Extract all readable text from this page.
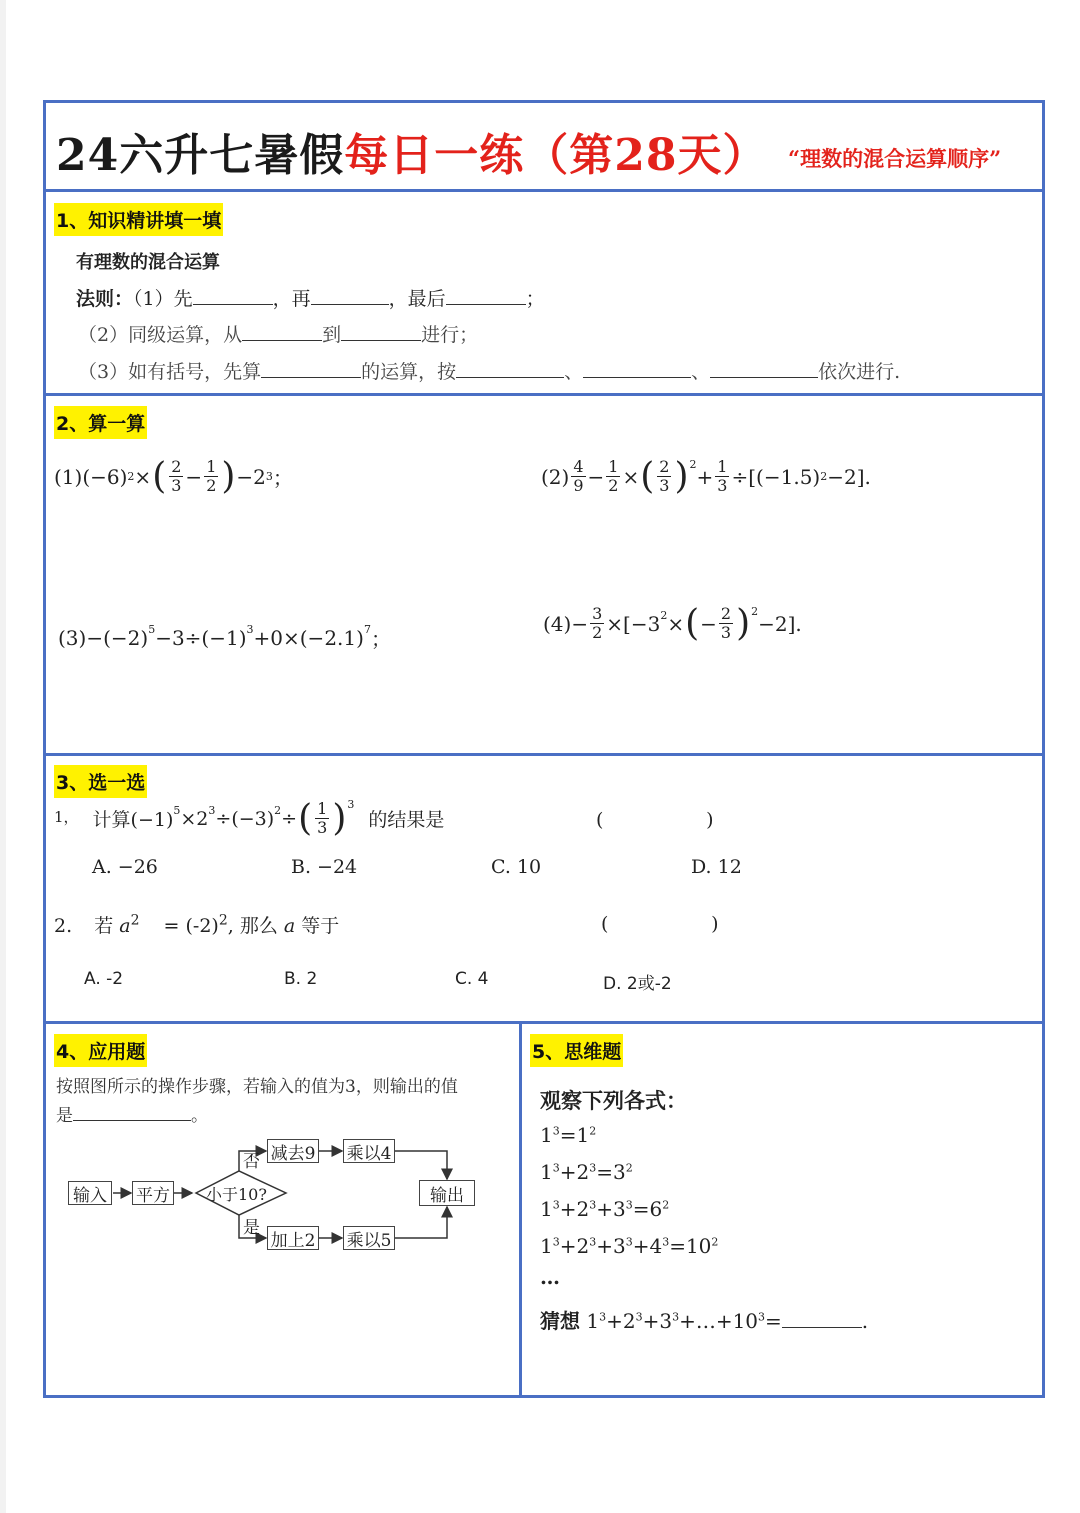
24六升七暑假每日一练（第28天） “理数的混合运算顺序”
1、知识精讲填一填
有理数的混合运算
法则：（1）先	，再	，最后	；
（2）同级运算，从	到	进行；
（3）如有括号，先算	的运算，按	、	、	依次进行.
2、算一算
(1)(−6) 2 × ( $\frac{2}{3} - \frac{1}{2}$ ) −2 3 ；	$(2) \frac{4}{9} - \frac{1}{2}$ × ( $\frac{2}{3} )^2 + \frac{1}{3} \div[(-1.5)$ 2 −2].
$(3)-(-2)^5 -3\div(-1)^3 +0\times(-2.1)^7$ ；
$(4)- \frac{3}{2} \times[-3^2$ × ( − $\frac{2}{3} )^2 -2$].
3、选一选
1， 计算$(-1)^5 \times 2^3 \div(-3)^2$ ÷ ( $\frac{1}{3} )^3$
的结果是	(                 )
A. −26	B. −24	C. 10	D. 12
2. 若 $a^2 = (-2)^2$, 那么 a 等于	(                 )
A. -2	B. 2	C. 4	D. 2或-2
4、应用题
按照图所示的操作步骤，若输入的值为3，则输出的值
是	。
输入 平方 小于10?
否
是
减去9 乘以4
加上2 乘以5
输出
5、思维题
观察下列各式：
$1^3=1^2$
$1^3+2^3=3^2$
$1^3+2^3+3^3=6^2$
$1^3+2^3+3^3+4^3=10^2$
…
猜想 $1^3+2^3+3^3+\dots+10^3=$	.
